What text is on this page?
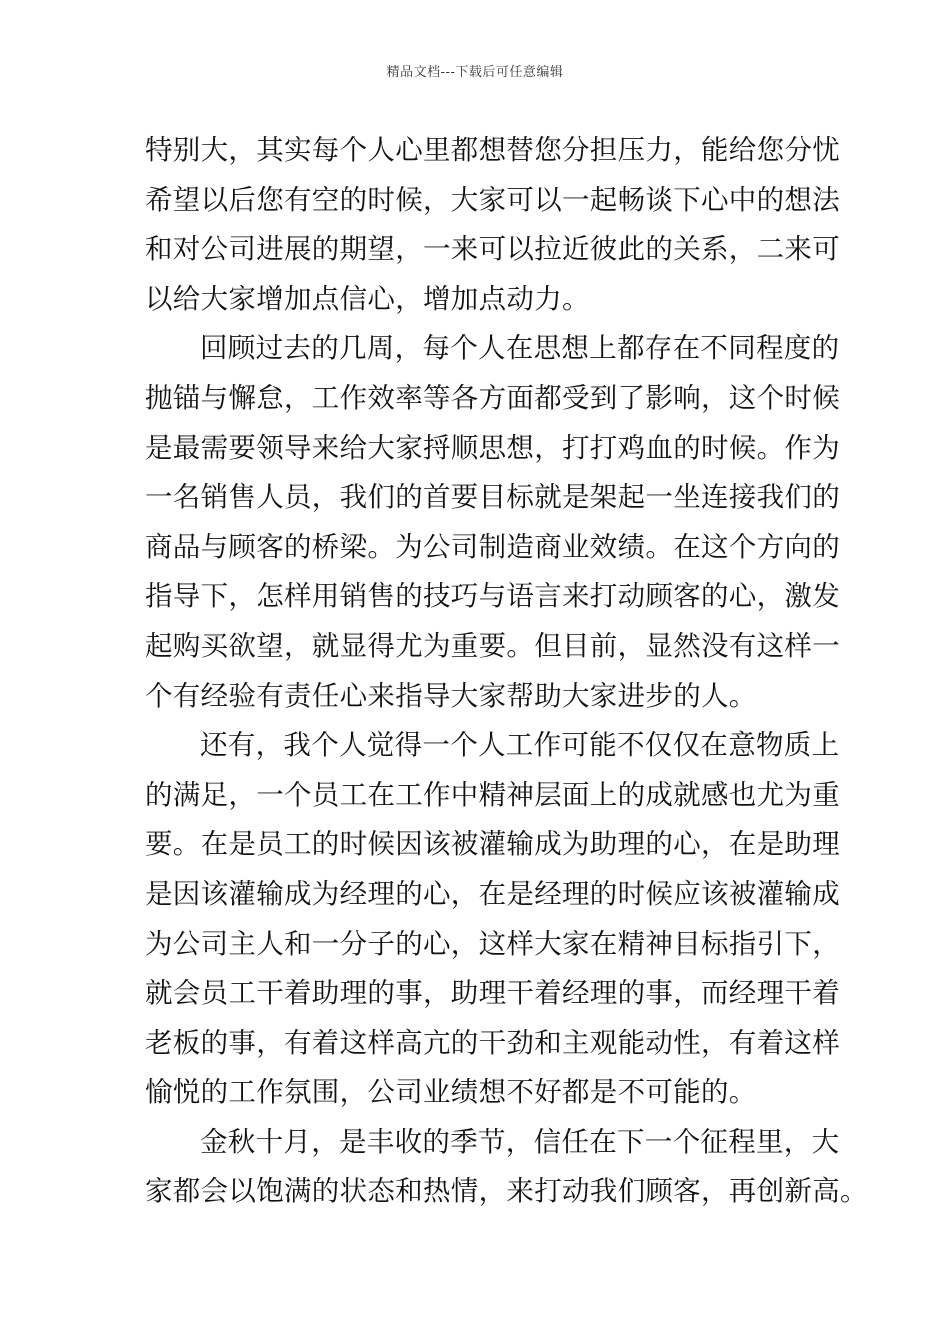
精品文档---下载后可任意编辑
特别大，其实每个人心里都想替您分担压力，能给您分忧
希望以后您有空的时候，大家可以一起畅谈下心中的想法
和对公司进展的期望，一来可以拉近彼此的关系，二来可
以给大家增加点信心，增加点动力。
回顾过去的几周，每个人在思想上都存在不同程度的
抛锚与懈怠，工作效率等各方面都受到了影响，这个时候
是最需要领导来给大家捋顺思想，打打鸡血的时候。作为
一名销售人员，我们的首要目标就是架起一坐连接我们的
商品与顾客的桥梁。为公司制造商业效绩。在这个方向的
指导下，怎样用销售的技巧与语言来打动顾客的心，激发
起购买欲望，就显得尤为重要。但目前，显然没有这样一
个有经验有责任心来指导大家帮助大家进步的人。
还有，我个人觉得一个人工作可能不仅仅在意物质上
的满足，一个员工在工作中精神层面上的成就感也尤为重
要。在是员工的时候因该被灌输成为助理的心，在是助理
是因该灌输成为经理的心，在是经理的时候应该被灌输成
为公司主人和一分子的心，这样大家在精神目标指引下，
就会员工干着助理的事，助理干着经理的事，而经理干着
老板的事，有着这样高亢的干劲和主观能动性，有着这样
愉悦的工作氛围，公司业绩想不好都是不可能的。
金秋十月，是丰收的季节，信任在下一个征程里，大
家都会以饱满的状态和热情，来打动我们顾客，再创新高。
